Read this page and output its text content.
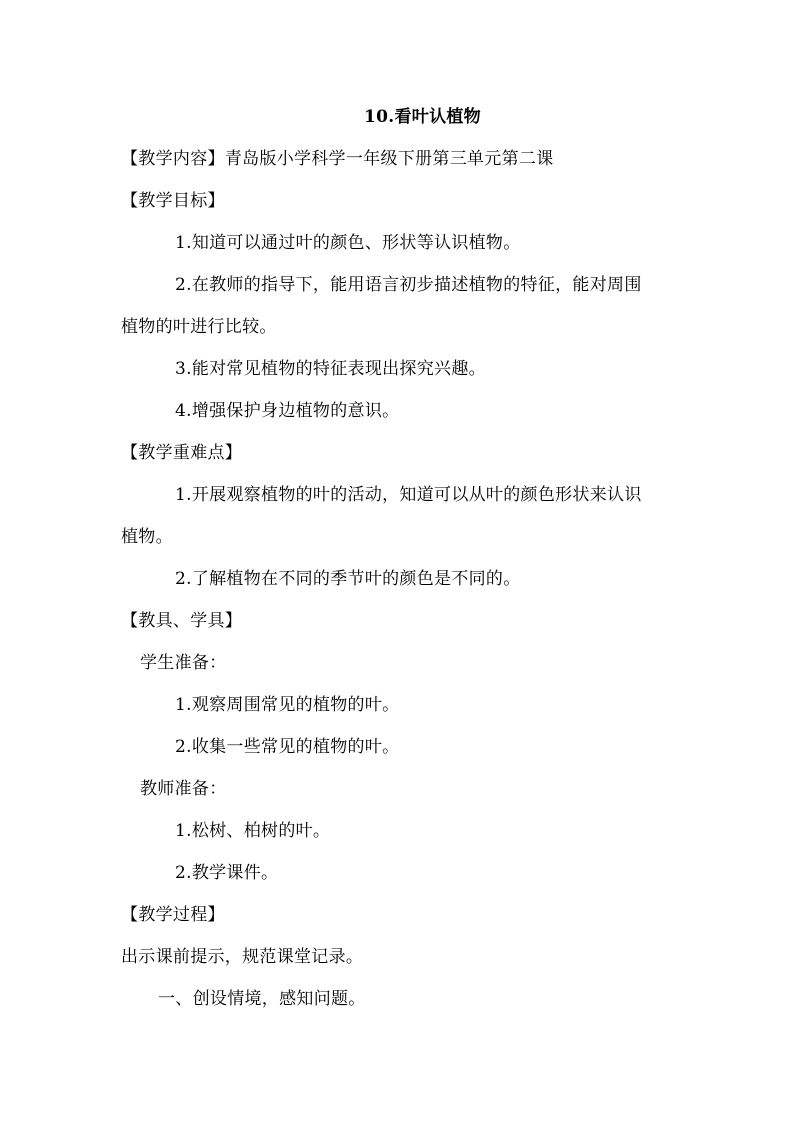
10.看叶认植物
【教学内容】青岛版小学科学一年级下册第三单元第二课
【教学目标】
1.知道可以通过叶的颜色、形状等认识植物。
2.在教师的指导下，能用语言初步描述植物的特征，能对周围
植物的叶进行比较。
3.能对常见植物的特征表现出探究兴趣。
4.增强保护身边植物的意识。
【教学重难点】
1.开展观察植物的叶的活动，知道可以从叶的颜色形状来认识
植物。
2.了解植物在不同的季节叶的颜色是不同的。
【教具、学具】
学生准备：
1.观察周围常见的植物的叶。
2.收集一些常见的植物的叶。
教师准备：
1.松树、柏树的叶。
2.教学课件。
【教学过程】
出示课前提示，规范课堂记录。
一、创设情境，感知问题。
